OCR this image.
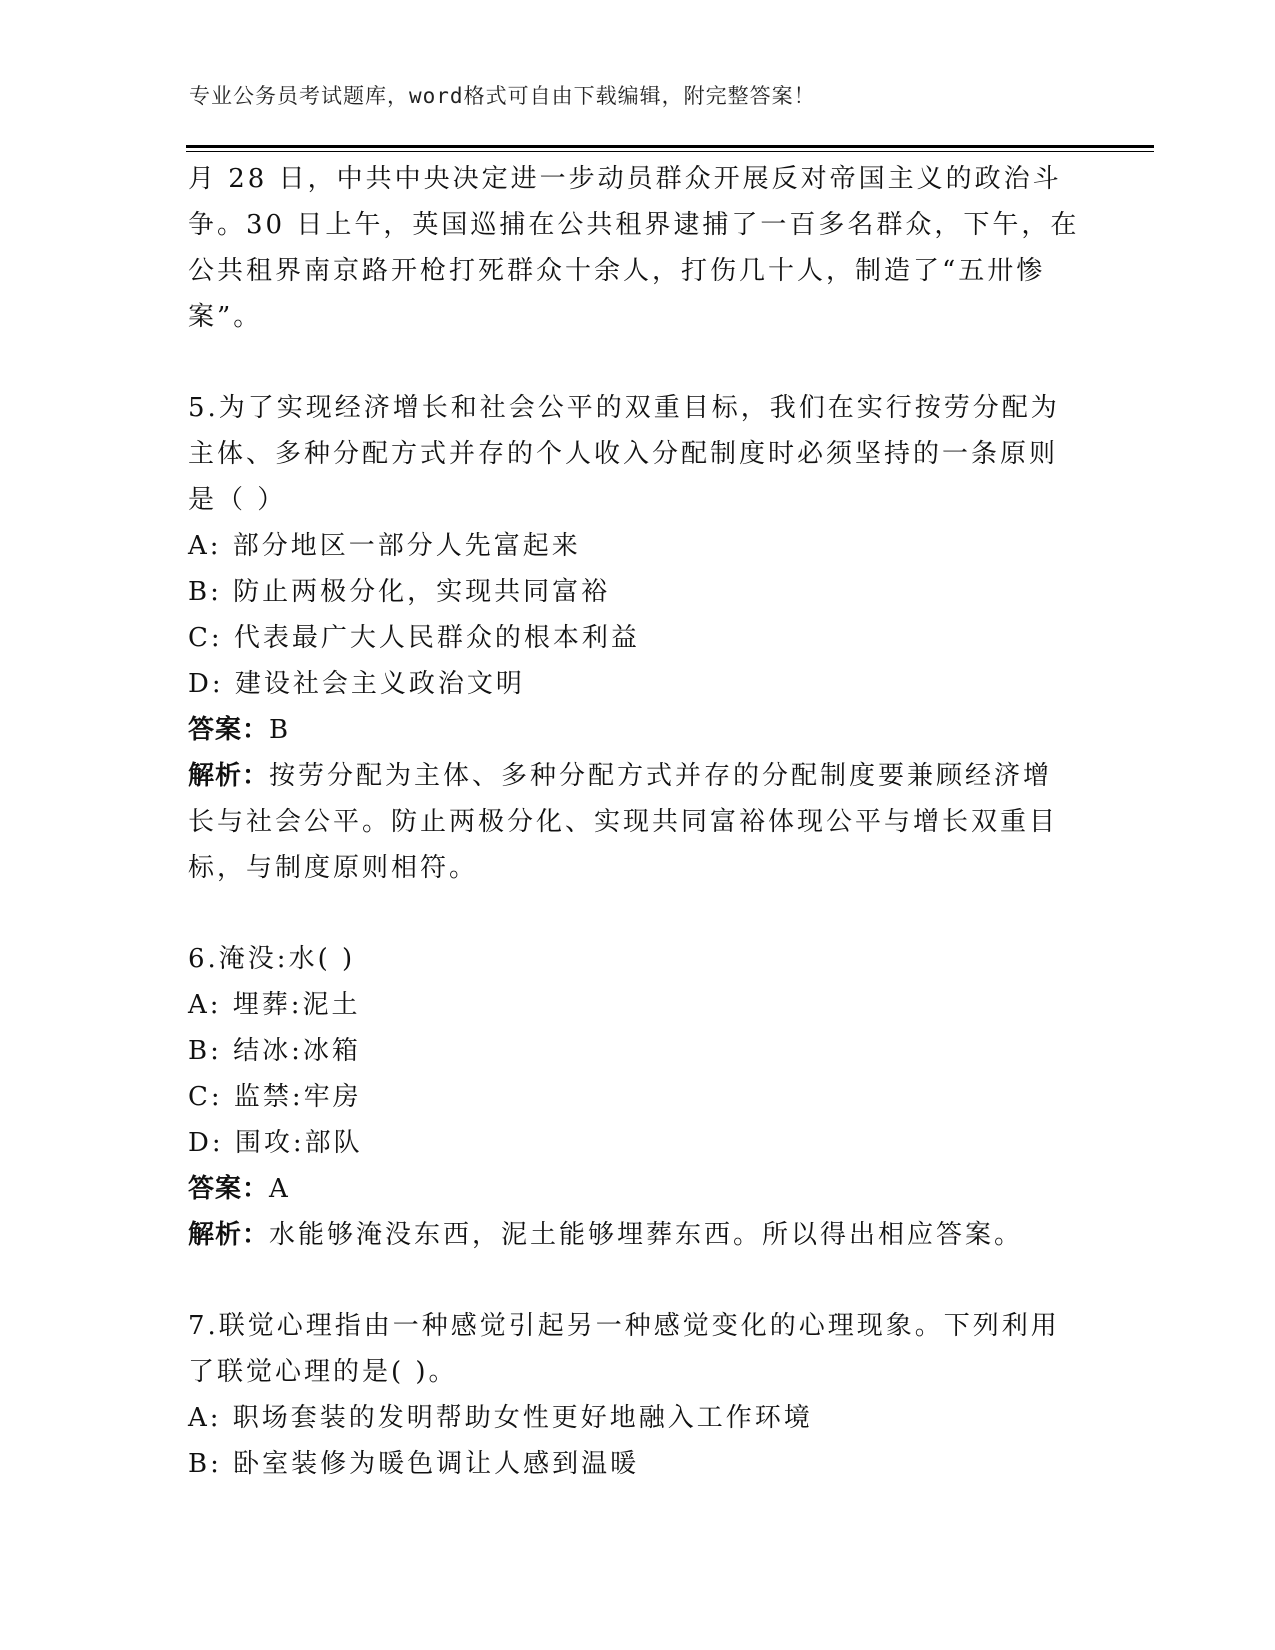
专业公务员考试题库，word格式可自由下载编辑，附完整答案！
月 28 日，中共中央决定进一步动员群众开展反对帝国主义的政治斗
争。30 日上午，英国巡捕在公共租界逮捕了一百多名群众，下午，在
公共租界南京路开枪打死群众十余人，打伤几十人，制造了“五卅惨
案”。
5.为了实现经济增长和社会公平的双重目标，我们在实行按劳分配为
主体、多种分配方式并存的个人收入分配制度时必须坚持的一条原则
是（ ）
A: 部分地区一部分人先富起来
B: 防止两极分化，实现共同富裕
C: 代表最广大人民群众的根本利益
D: 建设社会主义政治文明
答案：B
解析：按劳分配为主体、多种分配方式并存的分配制度要兼顾经济增
长与社会公平。防止两极分化、实现共同富裕体现公平与增长双重目
标，与制度原则相符。
6.淹没:水( )
A: 埋葬:泥土
B: 结冰:冰箱
C: 监禁:牢房
D: 围攻:部队
答案：A
解析：水能够淹没东西，泥土能够埋葬东西。所以得出相应答案。
7.联觉心理指由一种感觉引起另一种感觉变化的心理现象。下列利用
了联觉心理的是( )。
A: 职场套装的发明帮助女性更好地融入工作环境
B: 卧室装修为暖色调让人感到温暖
